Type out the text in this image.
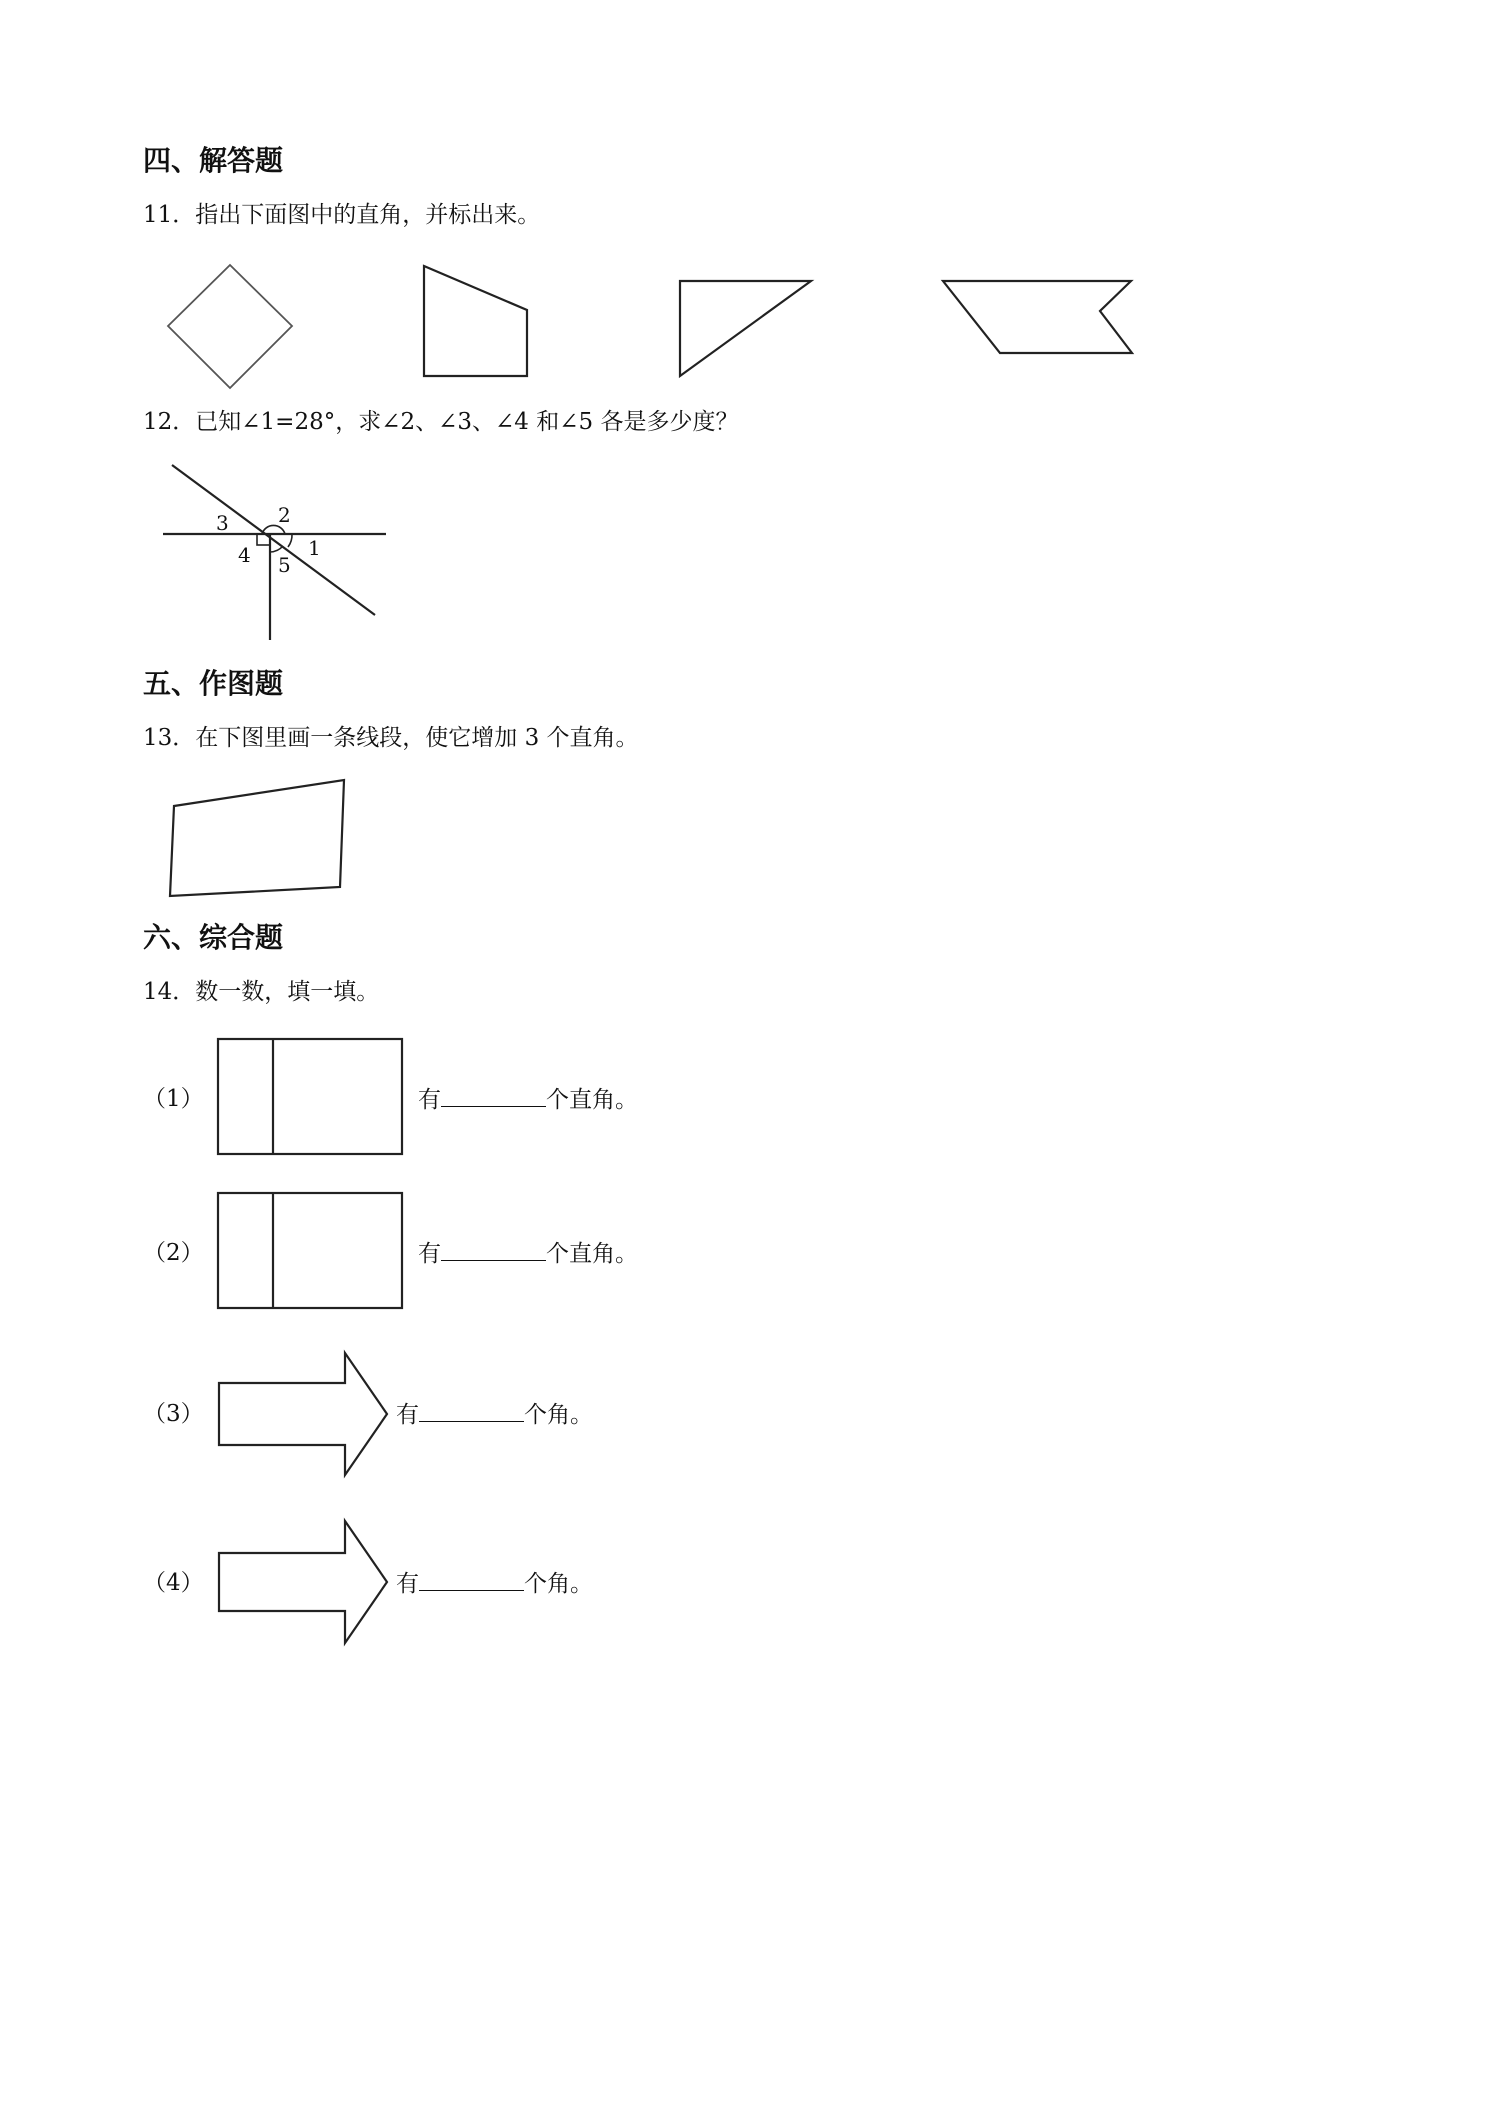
四、解答题
11．指出下面图中的直角，并标出来。
12．已知∠1=28°，求∠2、∠3、∠4 和∠5 各是多少度？
1
2
3
4 5
五、作图题
13．在下图里画一条线段，使它增加 3 个直角。
六、综合题
14．数一数，填一填。
（1）	有	个直角。
（2）	有	个直角。
（3）	有	个角。
（4）	有	个角。
